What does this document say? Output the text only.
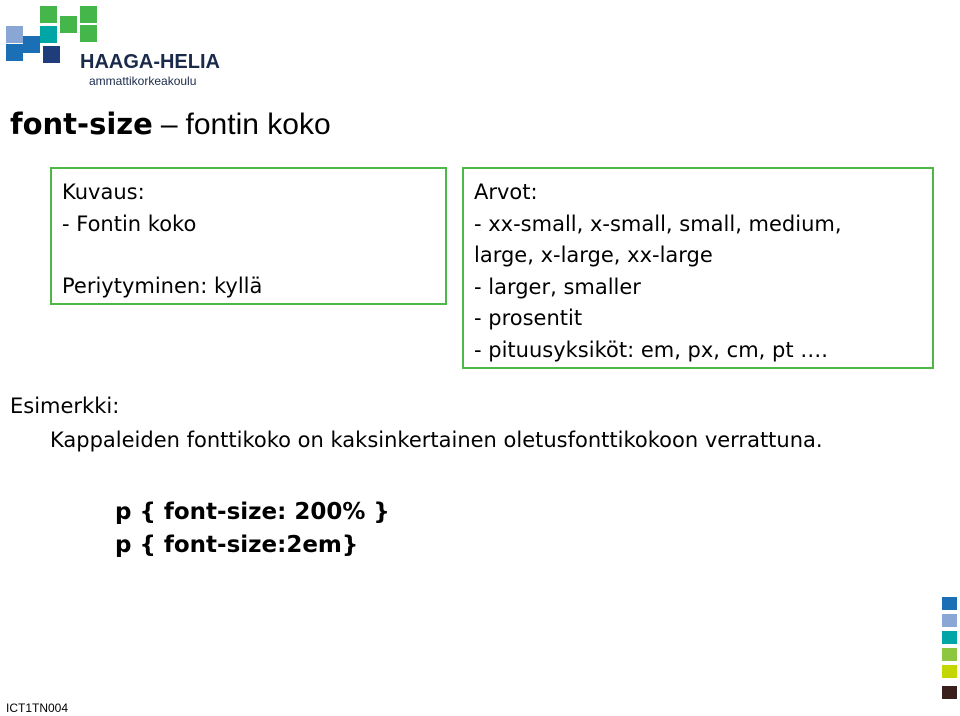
HAAGA-HELIA
ammattikorkeakoulu
font-size – fontin koko
Kuvaus:
- Fontin koko
Periytyminen: kyllä
Arvot:
- xx-small, x-small, small, medium,
large, x-large, xx-large
- larger, smaller
- prosentit
- pituusyksiköt: em, px, cm, pt ….
Esimerkki:
Kappaleiden fonttikoko on kaksinkertainen oletusfonttikokoon verrattuna.
p { font-size: 200% }
p { font-size:2em}
ICT1TN004
